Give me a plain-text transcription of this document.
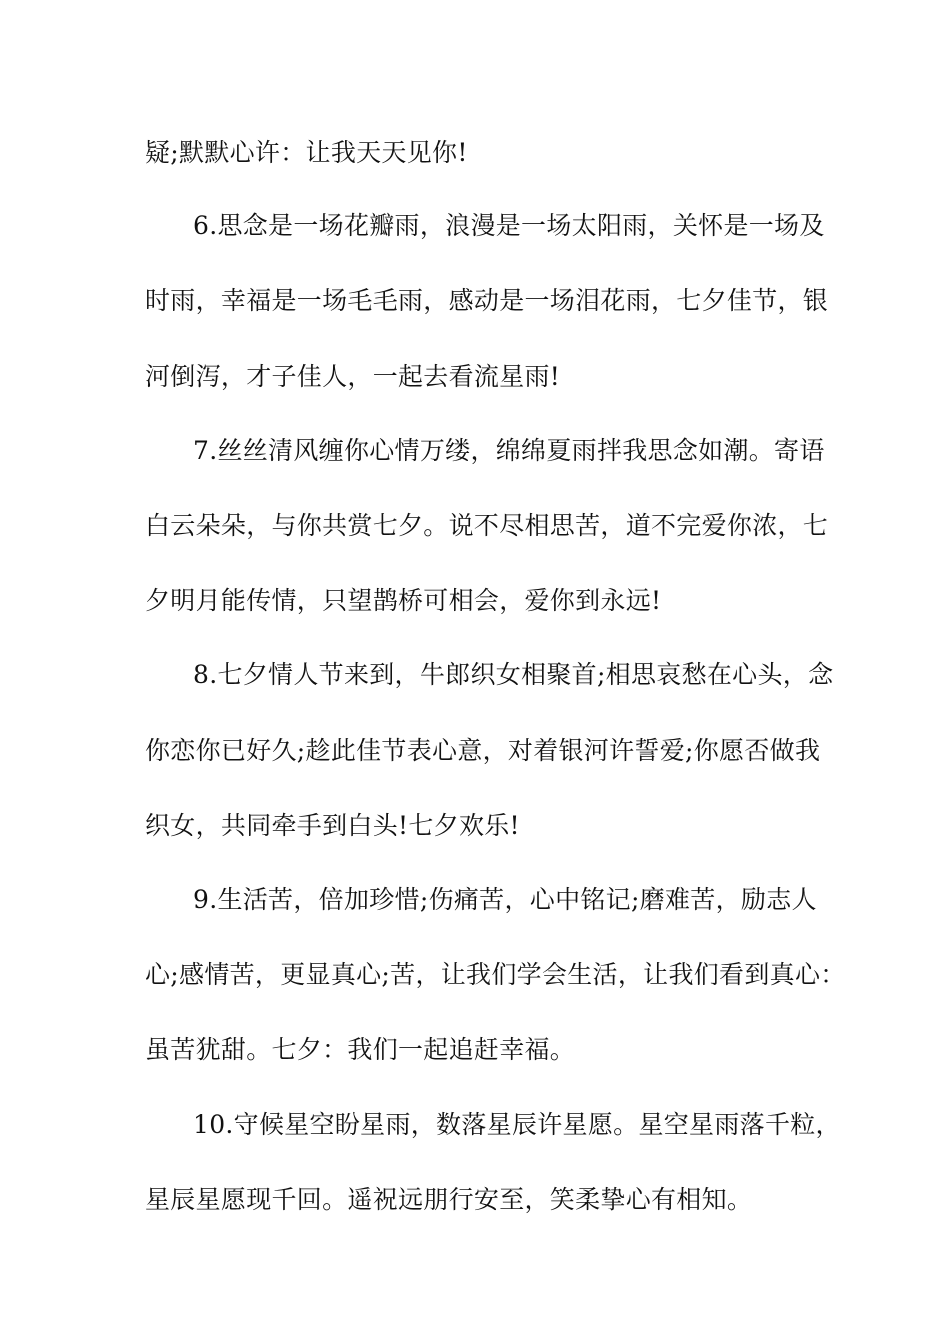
疑;默默心许：让我天天见你!
6.思念是一场花瓣雨，浪漫是一场太阳雨，关怀是一场及
时雨，幸福是一场毛毛雨，感动是一场泪花雨，七夕佳节，银
河倒泻，才子佳人，一起去看流星雨!
7.丝丝清风缠你心情万缕，绵绵夏雨拌我思念如潮。寄语
白云朵朵，与你共赏七夕。说不尽相思苦，道不完爱你浓，七
夕明月能传情，只望鹊桥可相会，爱你到永远!
8.七夕情人节来到，牛郎织女相聚首;相思哀愁在心头，念
你恋你已好久;趁此佳节表心意，对着银河许誓爱;你愿否做我
织女，共同牵手到白头!七夕欢乐!
9.生活苦，倍加珍惜;伤痛苦，心中铭记;磨难苦，励志人
心;感情苦，更显真心;苦，让我们学会生活，让我们看到真心：
虽苦犹甜。七夕：我们一起追赶幸福。
10.守候星空盼星雨，数落星辰许星愿。星空星雨落千粒，
星辰星愿现千回。遥祝远朋行安至，笑柔挚心有相知。
